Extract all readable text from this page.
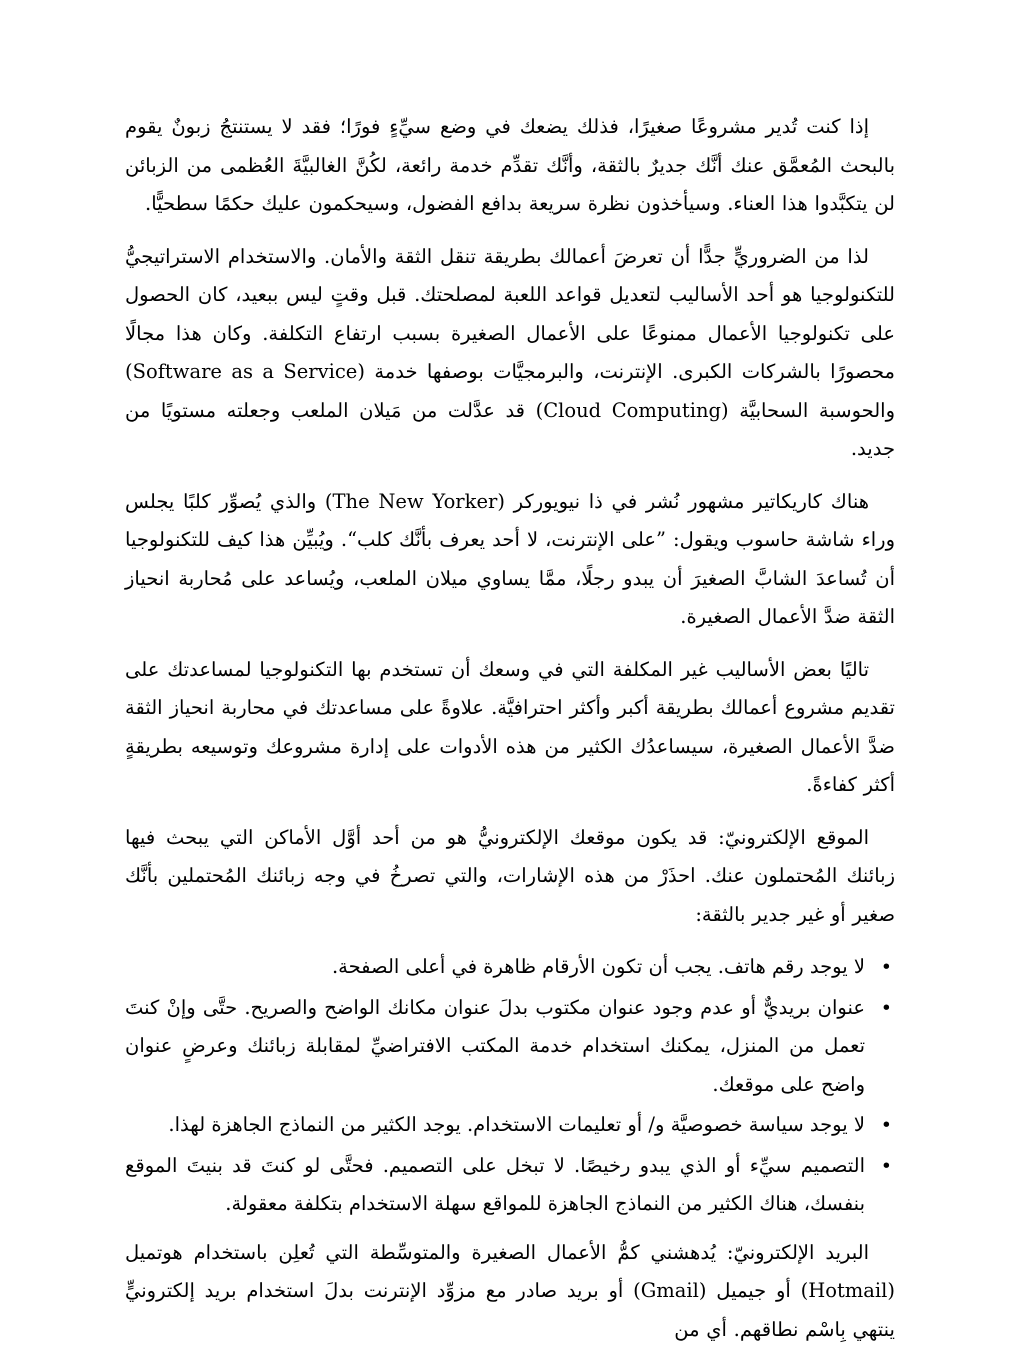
إذا كنت تُدير مشروعًا صغيرًا، فذلك يضعك في وضع سيِّءٍ فورًا؛ فقد لا يستنتجُ زبونٌ يقوم بالبحث المُعمَّق عنك أنَّك جديرٌ بالثقة، وأنَّك تقدِّم خدمة رائعة، لكُنَّ الغالبيَّةَ العُظمى من الزبائن لن يتكبَّدوا هذا العناء. وسيأخذون نظرة سريعة بدافع الفضول، وسيحكمون عليك حكمًا سطحيًّا.

لذا من الضروريٍّ جدًّا أن تعرضَ أعمالك بطريقة تنقل الثقة والأمان. والاستخدام الاستراتيجيُّ للتكنولوجيا هو أحد الأساليب لتعديل قواعد اللعبة لمصلحتك. قبل وقتٍ ليس ببعيد، كان الحصول على تكنولوجيا الأعمال ممنوعًا على الأعمال الصغيرة بسبب ارتفاع التكلفة. وكان هذا مجالًا محصورًا بالشركات الكبرى. الإنترنت، والبرمجيَّات بوصفها خدمة (Software as a Service) والحوسبة السحابيَّة (Cloud Computing) قد عدَّلت من مَيلان الملعب وجعلته مستويًا من جديد.

هناك كاريكاتير مشهور نُشر في ذا نيويوركر (The New Yorker) والذي يُصوِّر كلبًا يجلس وراء شاشة حاسوب ويقول: ”على الإنترنت، لا أحد يعرف بأنَّك كلب“. ويُبيِّن هذا كيف للتكنولوجيا أن تُساعدَ الشابَّ الصغيرَ أن يبدو رجلًا، ممَّا يساوي ميلان الملعب، ويُساعد على مُحاربة انحياز الثقة ضدَّ الأعمال الصغيرة.

تاليًا بعض الأساليب غير المكلفة التي في وسعك أن تستخدم بها التكنولوجيا لمساعدتك على تقديم مشروع أعمالك بطريقة أكبر وأكثر احترافيَّة. علاوةً على مساعدتك في محاربة انحياز الثقة ضدَّ الأعمال الصغيرة، سيساعدُك الكثير من هذه الأدوات على إدارة مشروعك وتوسيعه بطريقةٍ أكثر كفاءةً.

الموقع الإلكترونيّ: قد يكون موقعك الإلكترونيُّ هو من أحد أوَّل الأماكن التي يبحث فيها زبائنك المُحتملون عنك. احذَرْ من هذه الإشارات، والتي تصرخُ في وجه زبائنك المُحتملين بأنَّك صغير أو غير جدير بالثقة:

•
لا يوجد رقم هاتف. يجب أن تكون الأرقام ظاهرة في أعلى الصفحة.
•
عنوان بريديٌّ أو عدم وجود عنوان مكتوب بدلَ عنوان مكانك الواضح والصريح. حتَّى وإنْ كنتَ تعمل من المنزل، يمكنك استخدام خدمة المكتب الافتراضيِّ لمقابلة زبائنك وعرضٍ عنوان واضح على موقعك.
•
لا يوجد سياسة خصوصيَّة و/ أو تعليمات الاستخدام. يوجد الكثير من النماذج الجاهزة لهذا.
•
التصميم سيِّء أو الذي يبدو رخيصًا. لا تبخل على التصميم. فحتَّى لو كنتَ قد بنيتَ الموقع بنفسك، هناك الكثير من النماذج الجاهزة للمواقع سهلة الاستخدام بتكلفة معقولة.

البريد الإلكترونيّ: يُدهشني كمُّ الأعمال الصغيرة والمتوسِّطة التي تُعلِن باستخدام هوتميل (Hotmail) أو جيميل (Gmail) أو بريد صادر مع مزوِّد الإنترنت بدلَ استخدام بريد إلكترونيٍّ ينتهي بِاسْم نطاقهم. أي من
